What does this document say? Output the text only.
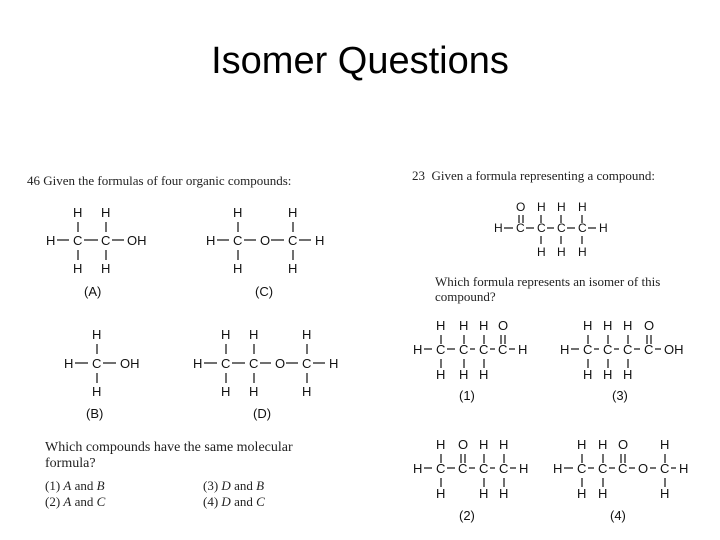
Isomer Questions
46 Given the formulas of four organic compounds:	23 Given a formula representing a compound:
Which formula represents an isomer of this
compound?
Which compounds have the same molecular
formula?
(1) A and B
(2) A and C
(3) D and B
(4) D and C
H H
H C C OH
H H
(A)
H	H
H C O C H
H	H
(C)
H
H C OH
H
(B)
H H	H
H C C O C H
H H	H
(D)
O H H H
H C C C C H
H H H
H H H O
H C C C C H
H H H
(1)
H H H O
H C C C C OH
H H H
(3)
H O H H
H C C C C H
H	H H
(2)
H H O H
H C C C O C H
H H	H
(4)
